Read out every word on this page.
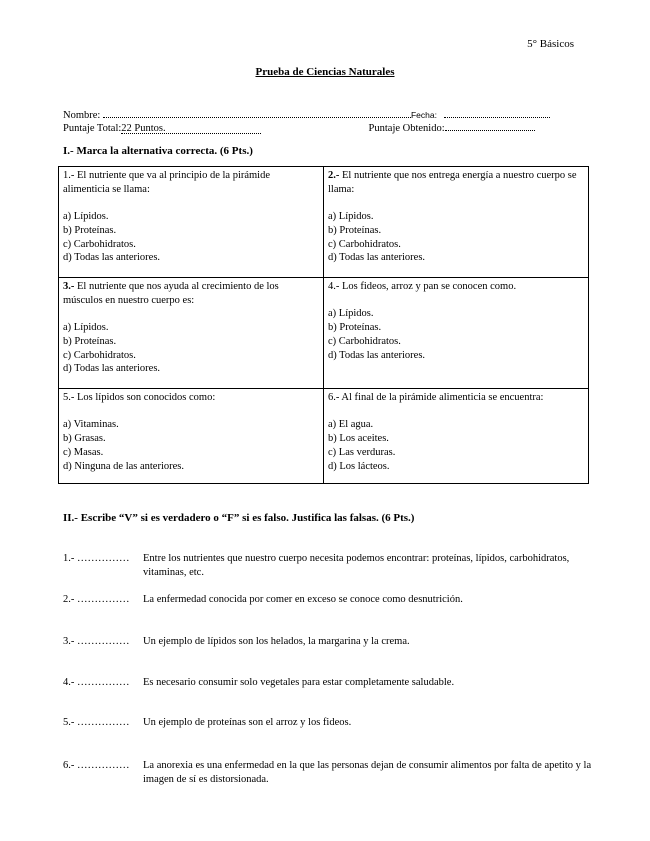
5° Básicos
Prueba de Ciencias Naturales
Nombre:	Fecha:
Puntaje Total:22 Puntos.	Puntaje Obtenido:
I.- Marca la alternativa correcta. (6 Pts.)
1.- El nutriente que va al principio de la pirámide alimenticia se llama:
a) Lípidos.
b) Proteínas.
c) Carbohidratos.
d) Todas las anteriores.	2.- El nutriente que nos entrega energía a nuestro cuerpo se llama:
a) Lípidos.
b) Proteínas.
c) Carbohidratos.
d) Todas las anteriores.

3.- El nutriente que nos ayuda al crecimiento de los músculos en nuestro cuerpo es:
a) Lípidos.
b) Proteínas.
c) Carbohidratos.
d) Todas las anteriores.	4.- Los fideos, arroz y pan se conocen como.
a) Lípidos.
b) Proteínas.
c) Carbohidratos.
d) Todas las anteriores.

5.- Los lípidos son conocidos como:
a) Vitaminas.
b) Grasas.
c) Masas.
d) Ninguna de las anteriores.	6.- Al final de la pirámide alimenticia se encuentra:
a) El agua.
b) Los aceites.
c) Las verduras.
d) Los lácteos.
II.- Escribe “V” si es verdadero o “F” si es falso. Justifica las falsas. (6 Pts.)
1.- …………… Entre los nutrientes que nuestro cuerpo necesita podemos encontrar: proteínas, lípidos, carbohidratos, vitaminas, etc.
2.- …………… La enfermedad conocida por comer en exceso se conoce como desnutrición.
3.- …………… Un ejemplo de lípidos son los helados, la margarina y la crema.
4.- …………… Es necesario consumir solo vegetales para estar completamente saludable.
5.- …………… Un ejemplo de proteínas son el arroz y los fideos.
6.- …………… La anorexia es una enfermedad en la que las personas dejan de consumir alimentos por falta de apetito y la imagen de sí es distorsionada.
